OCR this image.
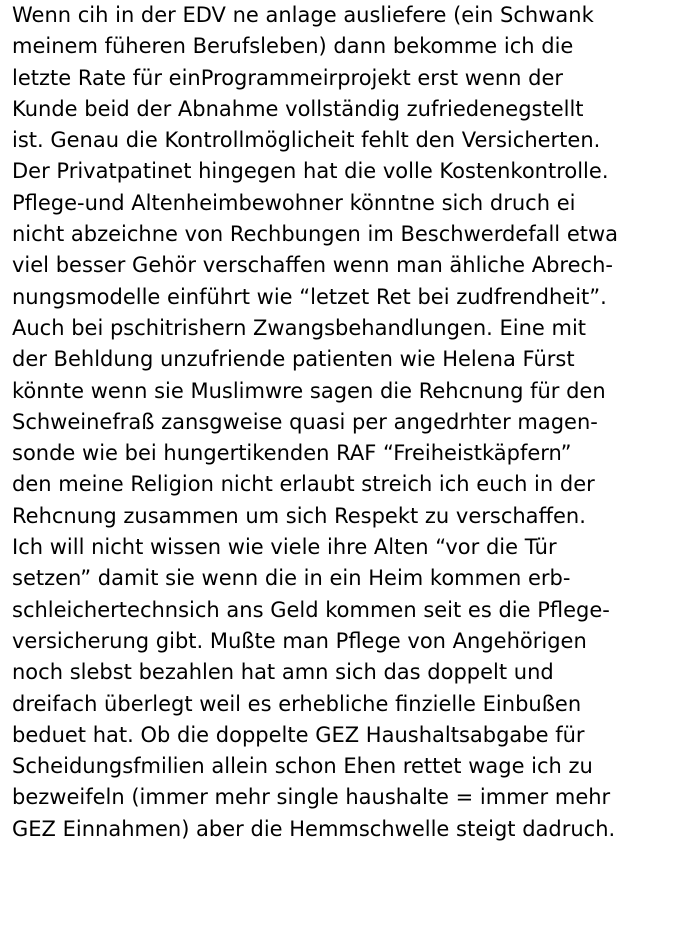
Wenn cih in der EDV ne anlage ausliefere (ein Schwank
meinem füheren Berufsleben) dann bekomme ich die
letzte Rate für einProgrammeirprojekt erst wenn der
Kunde beid der Abnahme vollständig zufriedenegstellt
ist. Genau die Kontrollmöglicheit fehlt den Versicherten.
Der Privatpatinet hingegen hat die volle Kostenkontrolle.
Pflege-und Altenheimbewohner könntne sich druch ei
nicht abzeichne von Rechbungen im Beschwerdefall etwa
viel besser Gehör verschaffen wenn man ähliche Abrech-
nungsmodelle einführt wie “letzet Ret bei zudfrendheit”.
Auch bei pschitrishern Zwangsbehandlungen. Eine mit
der Behldung unzufriende patienten wie Helena Fürst
könnte wenn sie Muslimwre sagen die Rehcnung für den
Schweinefraß zansgweise quasi per angedrhter magen-
sonde wie bei hungertikenden RAF “Freiheistkäpfern”
den meine Religion nicht erlaubt streich ich euch in der
Rehcnung zusammen um sich Respekt zu verschaffen.
Ich will nicht wissen wie viele ihre Alten “vor die Tür
setzen” damit sie wenn die in ein Heim kommen erb-
schleichertechnsich ans Geld kommen seit es die Pflege-
versicherung gibt. Mußte man Pflege von Angehörigen
noch slebst bezahlen hat amn sich das doppelt und
dreifach überlegt weil es erhebliche finzielle Einbußen
beduet hat. Ob die doppelte GEZ Haushaltsabgabe für
Scheidungsfmilien allein schon Ehen rettet wage ich zu
bezweifeln (immer mehr single haushalte = immer mehr
GEZ Einnahmen) aber die Hemmschwelle steigt dadruch.
